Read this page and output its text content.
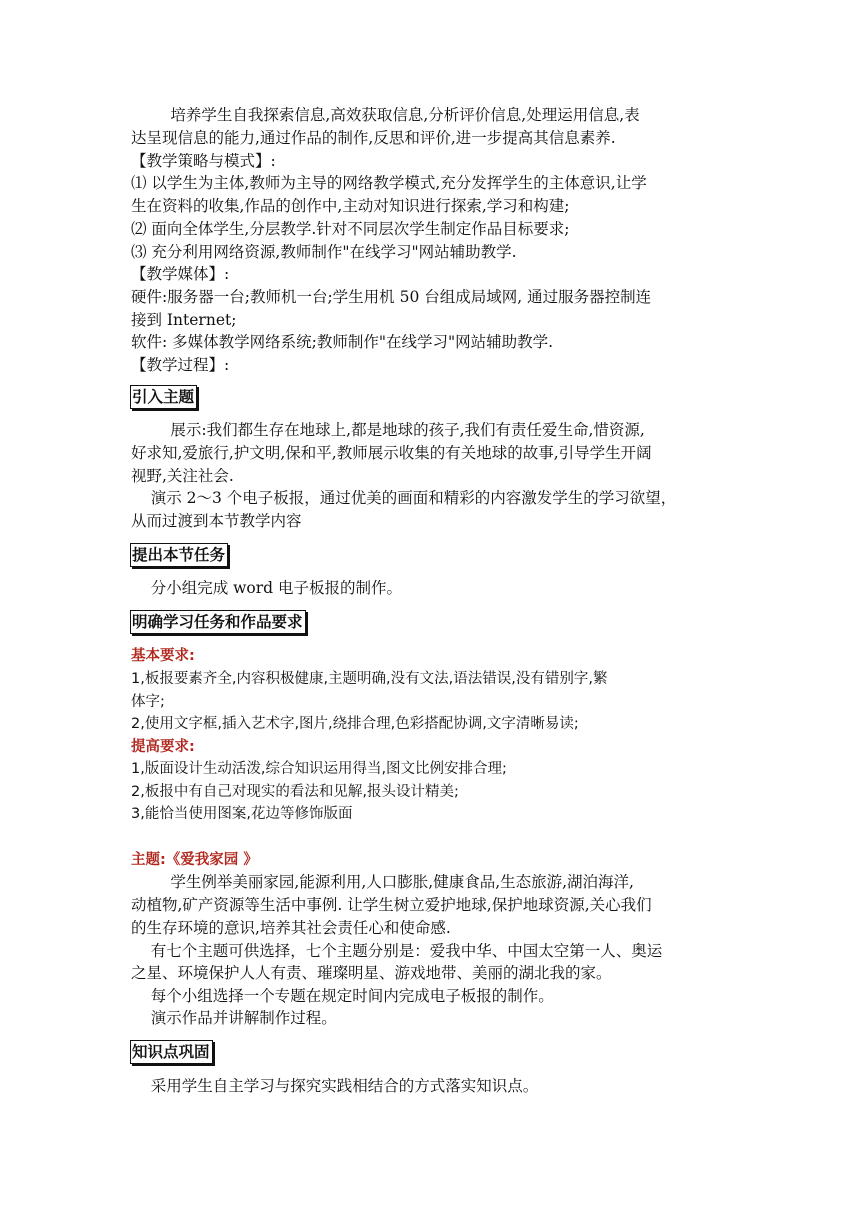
培养学生自我探索信息,高效获取信息,分析评价信息,处理运用信息,表
达呈现信息的能力,通过作品的制作,反思和评价,进一步提高其信息素养.
【教学策略与模式】:
⑴ 以学生为主体,教师为主导的网络教学模式,充分发挥学生的主体意识,让学
生在资料的收集,作品的创作中,主动对知识进行探索,学习和构建;
⑵ 面向全体学生,分层教学.针对不同层次学生制定作品目标要求;
⑶ 充分利用网络资源,教师制作"在线学习"网站辅助教学.
【教学媒体】:
硬件:服务器一台;教师机一台;学生用机 50 台组成局域网, 通过服务器控制连
接到 Internet;
软件: 多媒体教学网络系统;教师制作"在线学习"网站辅助教学.
【教学过程】:
引入主题
展示:我们都生存在地球上,都是地球的孩子,我们有责任爱生命,惜资源,
好求知,爱旅行,护文明,保和平,教师展示收集的有关地球的故事,引导学生开阔
视野,关注社会.
演示 2～3 个电子板报，通过优美的画面和精彩的内容激发学生的学习欲望，
从而过渡到本节教学内容
提出本节任务
分小组完成 word 电子板报的制作。
明确学习任务和作品要求
基本要求:
1,板报要素齐全,内容积极健康,主题明确,没有文法,语法错误,没有错别字,繁
体字;
2,使用文字框,插入艺术字,图片,绕排合理,色彩搭配协调,文字清晰易读;
提高要求:
1,版面设计生动活泼,综合知识运用得当,图文比例安排合理;
2,板报中有自己对现实的看法和见解,报头设计精美;
3,能恰当使用图案,花边等修饰版面
主题:《爱我家园 》
学生例举美丽家园,能源利用,人口膨胀,健康食品,生态旅游,湖泊海洋,
动植物,矿产资源等生活中事例. 让学生树立爱护地球,保护地球资源,关心我们
的生存环境的意识,培养其社会责任心和使命感.
有七个主题可供选择，七个主题分别是：爱我中华、中国太空第一人、奥运
之星、环境保护人人有责、璀璨明星、游戏地带、美丽的湖北我的家。
每个小组选择一个专题在规定时间内完成电子板报的制作。
演示作品并讲解制作过程。
知识点巩固
采用学生自主学习与探究实践相结合的方式落实知识点。
